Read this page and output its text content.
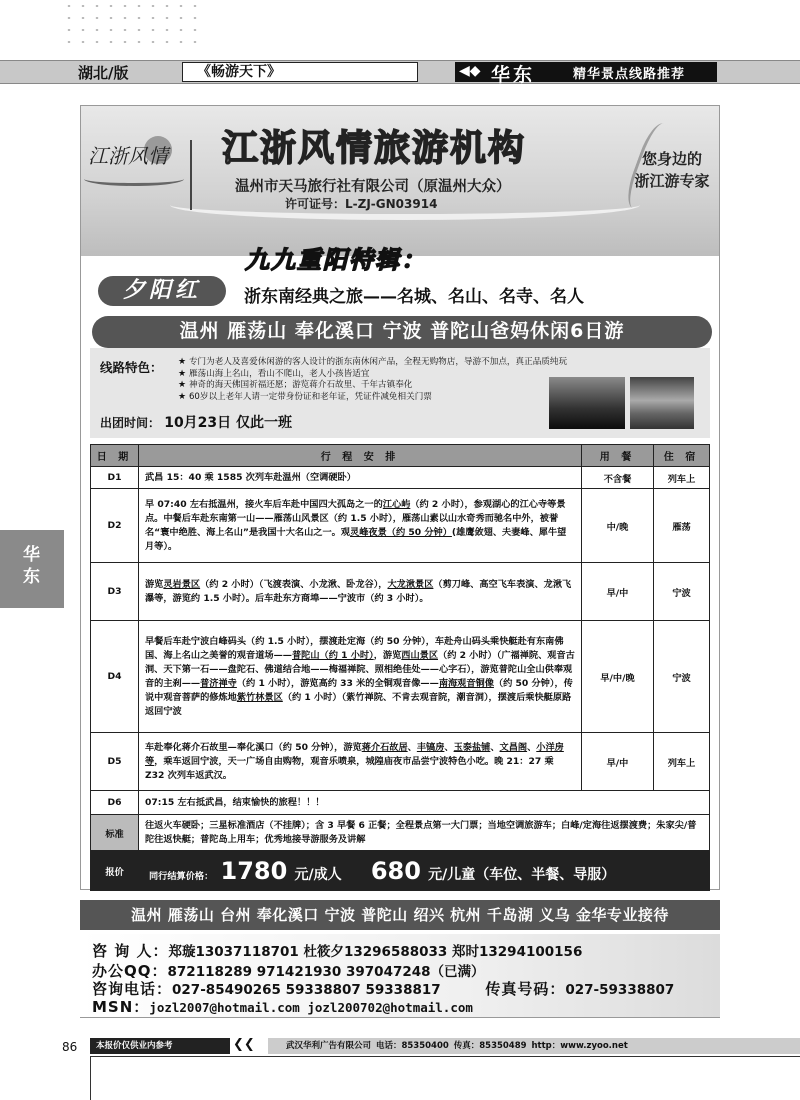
湖北/版	《畅游天下》	◀◆ 华东	精华景点线路推荐
江浙风情 江浙风情旅游机构
温州市天马旅行社有限公司（原温州大众）
许可证号：L-ZJ-GN03914
您身边的
浙江游专家
九九重阳特辑：
夕阳红	浙东南经典之旅——名城、名山、名寺、名人
温州 雁荡山 奉化溪口 宁波 普陀山爸妈休闲6日游
线路特色：	★ 专门为老人及喜爱休闲游的客人设计的浙东南休闲产品，全程无购物店，导游不加点，真正品质纯玩
★ 雁荡山海上名山，看山不爬山，老人小孩皆适宜
★ 神奇的海天佛国祈福还愿；游览蒋介石故里、千年古镇奉化
★ 60岁以上老年人请一定带身份证和老年证，凭证件减免相关门票
出团时间： 10月23日 仅此一班
日 期	行 程 安 排	用 餐	住 宿
D1	武昌 15：40 乘 1585 次列车赴温州（空调硬卧）	不含餐	列车上
D2	早 07:40 左右抵温州，接火车后车赴中国四大孤岛之一的江心屿（约 2 小时），参观湖心的江心寺等景点。中餐后车赴东南第一山——雁荡山风景区（约 1.5 小时），雁荡山素以山水奇秀而驰名中外，被誉名“寰中绝胜、海上名山”是我国十大名山之一。观灵峰夜景（约 50 分钟）(雄鹰敛翅、夫妻峰、犀牛望月等）。	中/晚	雁荡
D3	游览灵岩景区（约 2 小时）（飞渡表演、小龙湫、卧龙谷），大龙湫景区（剪刀峰、高空飞车表演、龙湫飞瀑等，游览约 1.5 小时）。后车赴东方商埠——宁波市（约 3 小时）。	早/中	宁波
D4	早餐后车赴宁波白峰码头（约 1.5 小时），摆渡赴定海（约 50 分钟），车赴舟山码头乘快艇赴有东南佛国、海上名山之美誉的观音道场——普陀山（约 1 小时），游览西山景区（约 2 小时）（广福禅院、观音古洞、天下第一石——盘陀石、佛道结合地——梅福禅院、照相绝佳处——心字石），游览普陀山全山供奉观音的主刹——普济禅寺（约 1 小时），游览高约 33 米的全铜观音像——南海观音铜像（约 50 分钟），传说中观音菩萨的修炼地紫竹林景区（约 1 小时）（紫竹禅院、不肯去观音院，潮音洞），摆渡后乘快艇原路返回宁波	早/中/晚	宁波
D5	车赴奉化蒋介石故里—奉化溪口（约 50 分钟），游览蒋介石故居、丰镐房、玉泰盐铺、文昌阁、小洋房等，乘车返回宁波，天一广场自由购物，观音乐喷泉，城隍庙夜市品尝宁波特色小吃。晚 21：27 乘 Z32 次列车返武汉。	早/中	列车上
D6	07:15 左右抵武昌，结束愉快的旅程！！！		
标准	往返火车硬卧；三星标准酒店（不挂牌）；含 3 早餐 6 正餐；全程景点第一大门票；当地空调旅游车；白峰/定海往返摆渡费；朱家尖/普陀往返快艇；普陀岛上用车；优秀地接导游服务及讲解		
报价	同行结算价格： 1780 元/成人 680 元/儿童（车位、半餐、导服）		
华
东
温州 雁荡山 台州 奉化溪口 宁波 普陀山 绍兴 杭州 千岛湖 义乌 金华专业接待
咨 询 人：郑璇13037118701 杜筱夕13296588033 郑时13294100156
办公QQ：872118289 971421930 397047248（已满）
咨询电话：027-85490265 59338807 59338817	传真号码：027-59338807
MSN：jozl2007@hotmail.com jozl200702@hotmail.com
86	本报价仅供业内参考	❮❮	武汉华利广告有限公司 电话：85350400 传真：85350489 http：www.zyoo.net
